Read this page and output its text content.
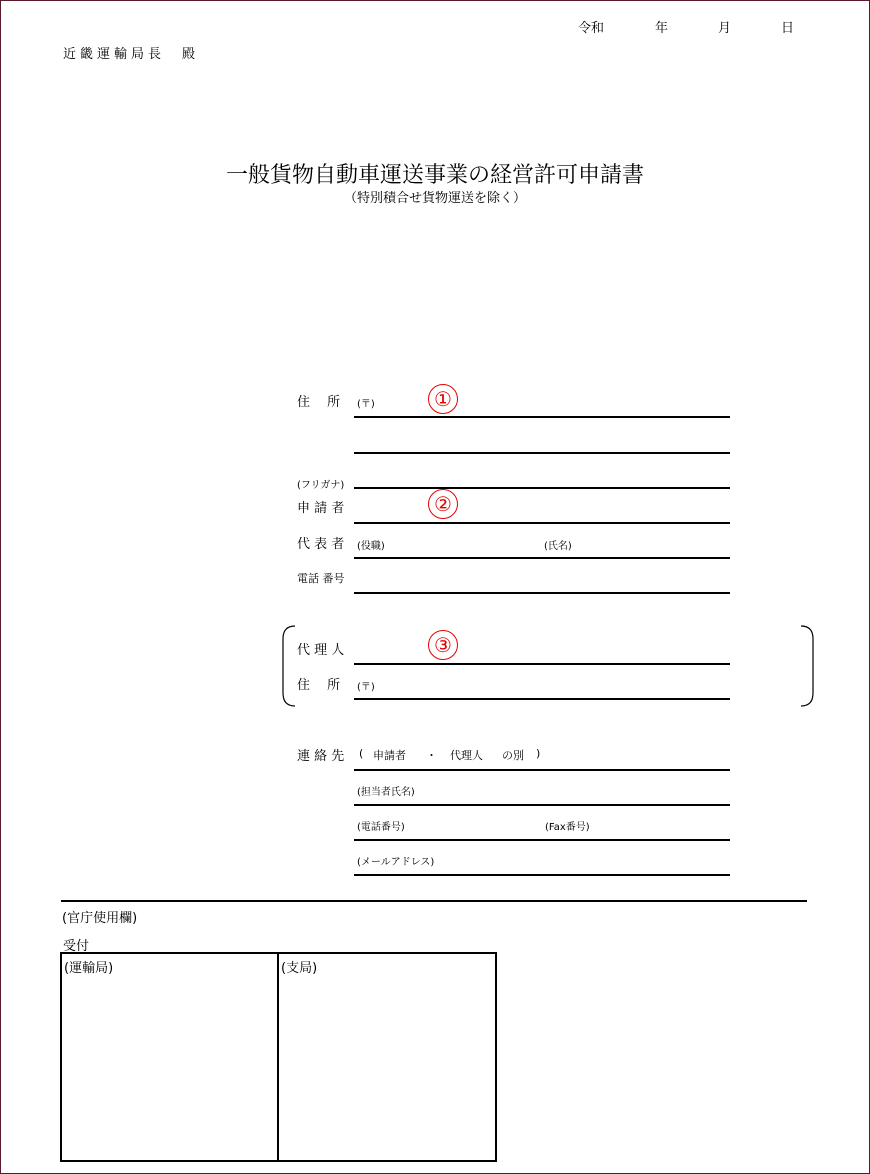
令和	年	月	日
近畿運輸局長　殿
一般貨物自動車運送事業の経営許可申請書
（特別積合せ貨物運送を除く）
住　 所 (〒)	①
(フリガナ)
申 請 者	②
代 表 者 (役職)	(氏名)
電話 番号
代 理 人	③
住　 所 (〒)
連 絡 先 ( 申請者 ・ 代理人 の別 )
(担当者氏名)
(電話番号)	(Fax番号)
(メールアドレス)
(官庁使用欄)
受付
(運輸局)	(支局)
